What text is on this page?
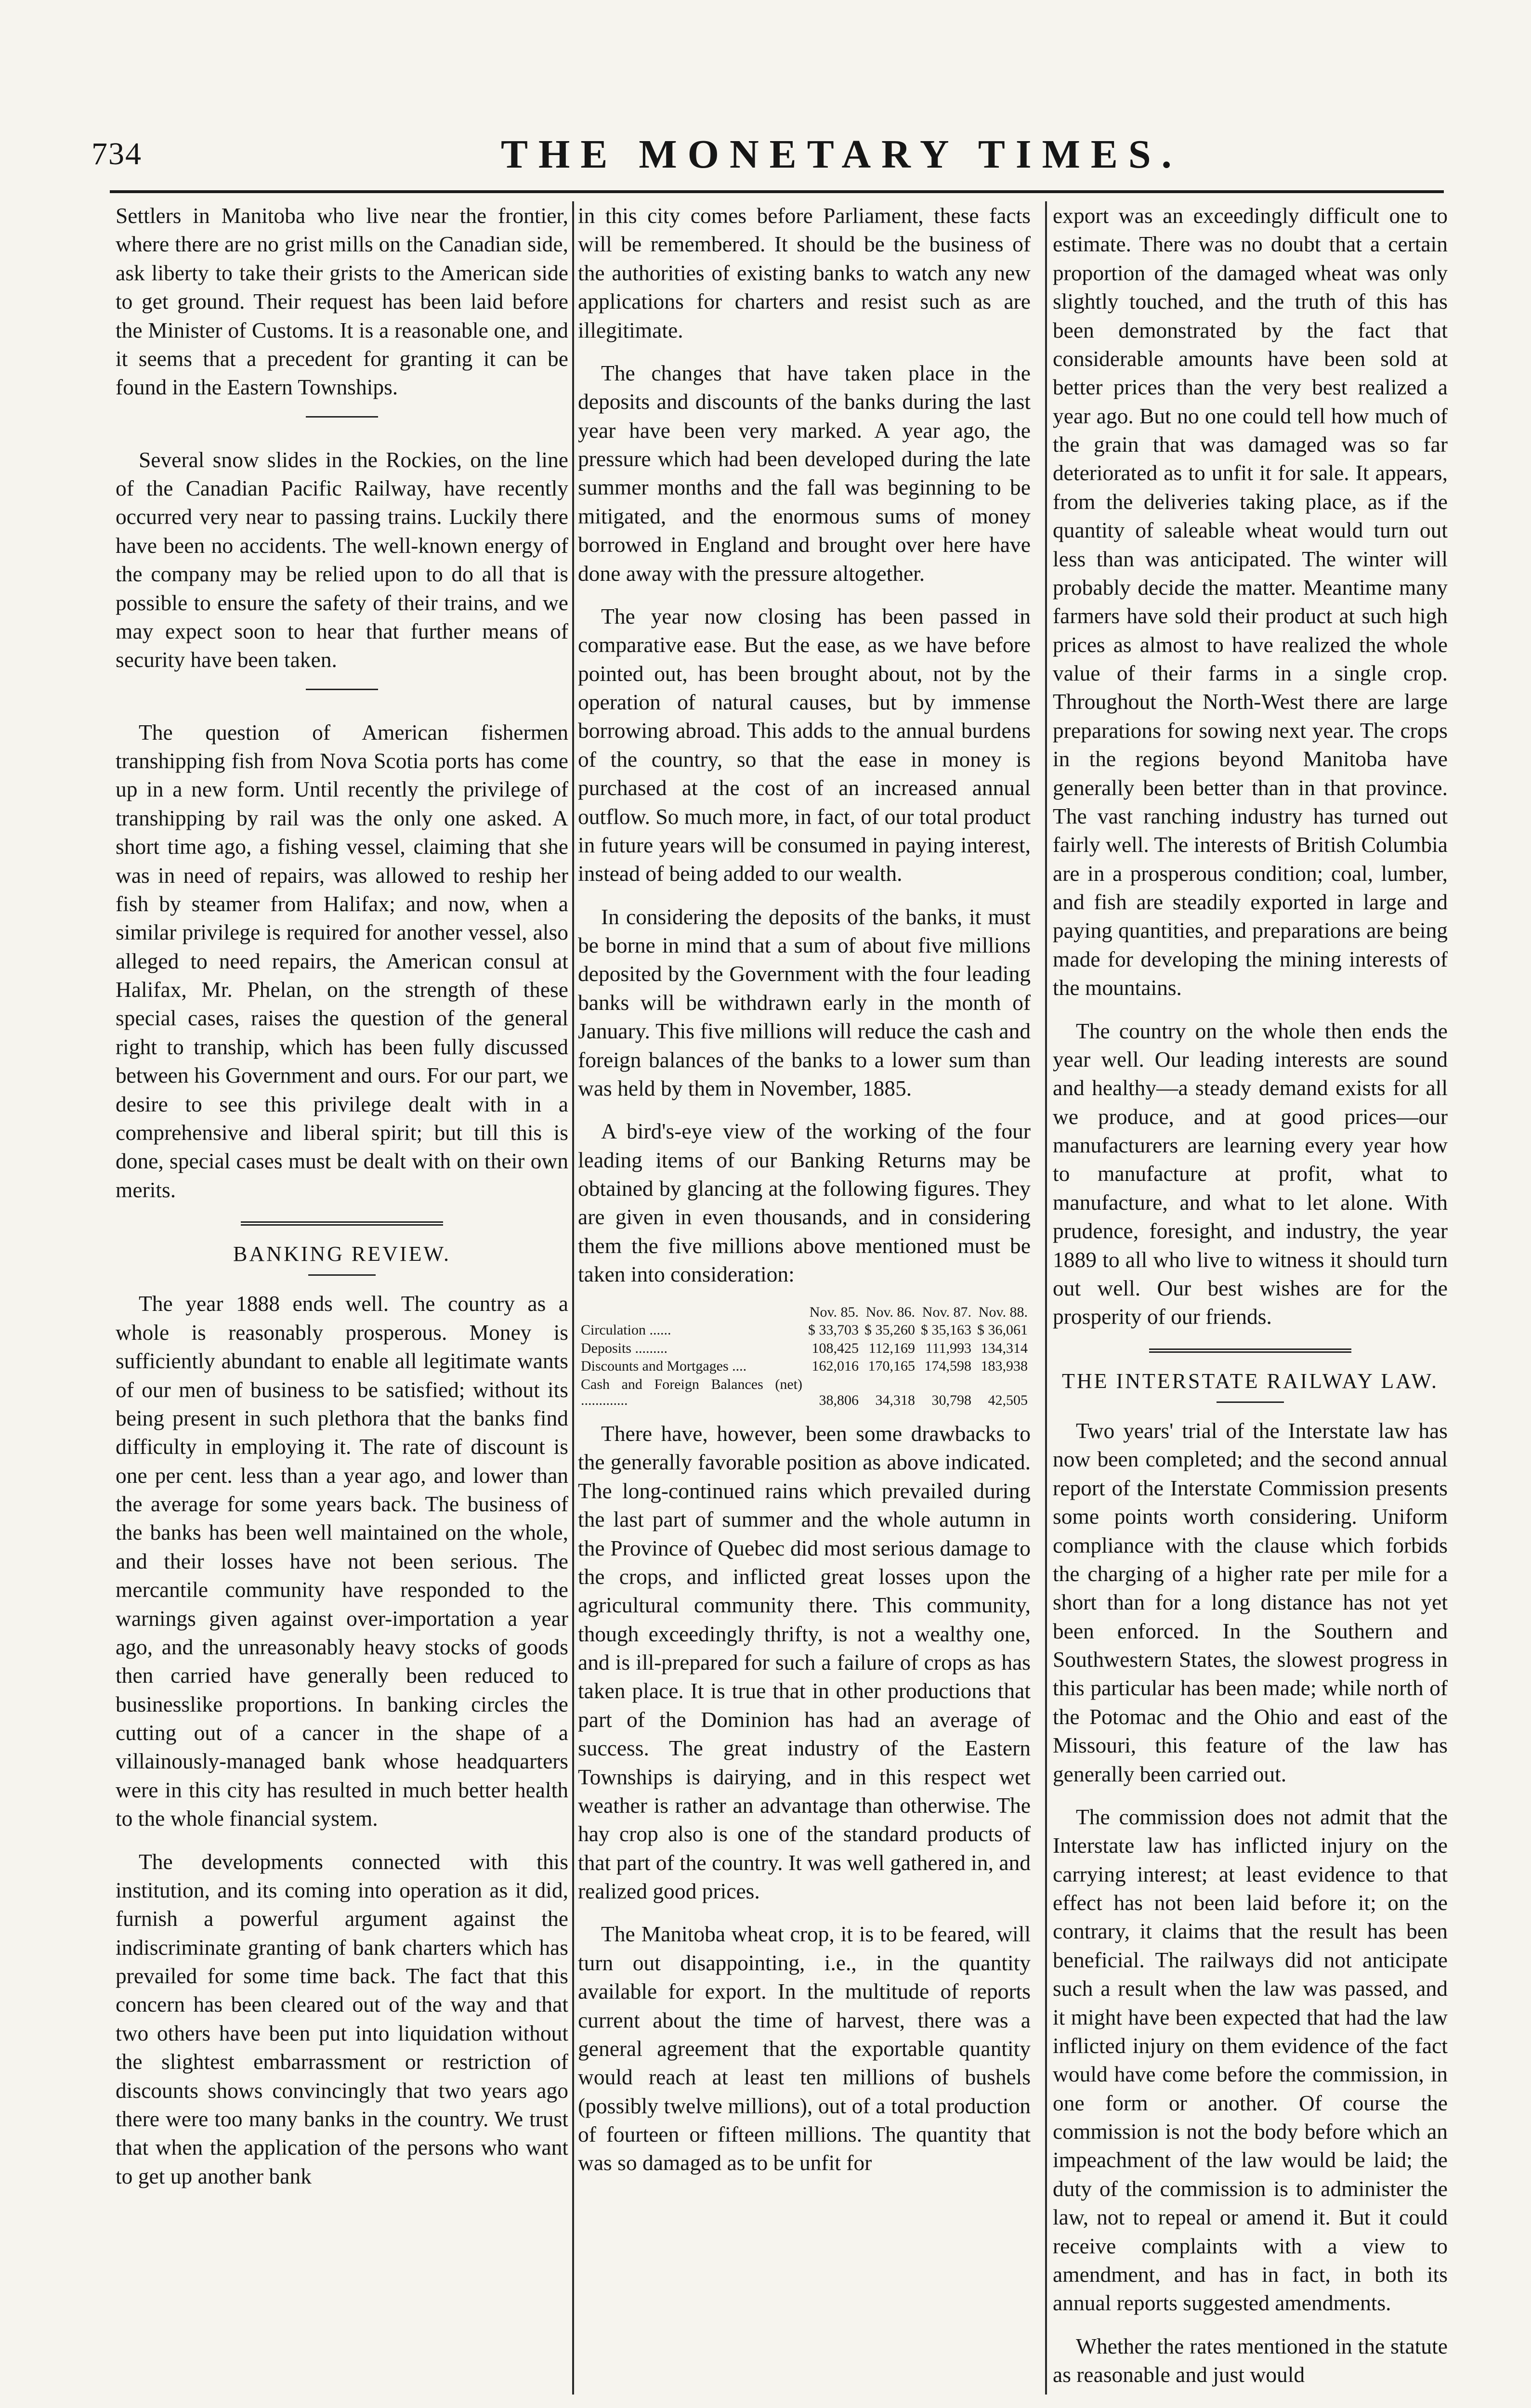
734	THE MONETARY TIMES.

Settlers in Manitoba who live near the frontier, where there are no grist mills on the Canadian side, ask liberty to take their grists to the American side to get ground. Their request has been laid before the Minister of Customs. It is a reasonable one, and it seems that a precedent for granting it can be found in the Eastern Townships.

Several snow slides in the Rockies, on the line of the Canadian Pacific Railway, have recently occurred very near to passing trains. Luckily there have been no accidents. The well-known energy of the company may be relied upon to do all that is possible to ensure the safety of their trains, and we may expect soon to hear that further means of security have been taken.

The question of American fishermen transhipping fish from Nova Scotia ports has come up in a new form. Until recently the privilege of transhipping by rail was the only one asked. A short time ago, a fishing vessel, claiming that she was in need of repairs, was allowed to reship her fish by steamer from Halifax; and now, when a similar privilege is required for another vessel, also alleged to need repairs, the American consul at Halifax, Mr. Phelan, on the strength of these special cases, raises the question of the general right to tranship, which has been fully discussed between his Government and ours. For our part, we desire to see this privilege dealt with in a comprehensive and liberal spirit; but till this is done, special cases must be dealt with on their own merits.

BANKING REVIEW.

The year 1888 ends well. The country as a whole is reasonably prosperous. Money is sufficiently abundant to enable all legitimate wants of our men of business to be satisfied; without its being present in such plethora that the banks find difficulty in employing it. The rate of discount is one per cent. less than a year ago, and lower than the average for some years back. The business of the banks has been well maintained on the whole, and their losses have not been serious. The mercantile community have responded to the warnings given against over-importation a year ago, and the unreasonably heavy stocks of goods then carried have generally been reduced to businesslike proportions. In banking circles the cutting out of a cancer in the shape of a villainously-managed bank whose headquarters were in this city has resulted in much better health to the whole financial system.

The developments connected with this institution, and its coming into operation as it did, furnish a powerful argument against the indiscriminate granting of bank charters which has prevailed for some time back. The fact that this concern has been cleared out of the way and that two others have been put into liquidation without the slightest embarrassment or restriction of discounts shows convincingly that two years ago there were too many banks in the country. We trust that when the application of the persons who want to get up another bank

in this city comes before Parliament, these facts will be remembered. It should be the business of the authorities of existing banks to watch any new applications for charters and resist such as are illegitimate.

The changes that have taken place in the deposits and discounts of the banks during the last year have been very marked. A year ago, the pressure which had been developed during the late summer months and the fall was beginning to be mitigated, and the enormous sums of money borrowed in England and brought over here have done away with the pressure altogether.

The year now closing has been passed in comparative ease. But the ease, as we have before pointed out, has been brought about, not by the operation of natural causes, but by immense borrowing abroad. This adds to the annual burdens of the country, so that the ease in money is purchased at the cost of an increased annual outflow. So much more, in fact, of our total product in future years will be consumed in paying interest, instead of being added to our wealth.

In considering the deposits of the banks, it must be borne in mind that a sum of about five millions deposited by the Government with the four leading banks will be withdrawn early in the month of January. This five millions will reduce the cash and foreign balances of the banks to a lower sum than was held by them in November, 1885.

A bird's-eye view of the working of the four leading items of our Banking Returns may be obtained by glancing at the following figures. They are given in even thousands, and in considering them the five millions above mentioned must be taken into consideration:

	Nov. 85.	Nov. 86.	Nov. 87.	Nov. 88.
Circulation ......	$ 33,703	$ 35,260	$ 35,163	$ 36,061
Deposits .........	108,425	112,169	111,993	134,314
Discounts and Mortgages ....	162,016	170,165	174,598	183,938
Cash and Foreign Balances (net) .............	38,806	34,318	30,798	42,505

There have, however, been some drawbacks to the generally favorable position as above indicated. The long-continued rains which prevailed during the last part of summer and the whole autumn in the Province of Quebec did most serious damage to the crops, and inflicted great losses upon the agricultural community there. This community, though exceedingly thrifty, is not a wealthy one, and is ill-prepared for such a failure of crops as has taken place. It is true that in other productions that part of the Dominion has had an average of success. The great industry of the Eastern Townships is dairying, and in this respect wet weather is rather an advantage than otherwise. The hay crop also is one of the standard products of that part of the country. It was well gathered in, and realized good prices.

The Manitoba wheat crop, it is to be feared, will turn out disappointing, i.e., in the quantity available for export. In the multitude of reports current about the time of harvest, there was a general agreement that the exportable quantity would reach at least ten millions of bushels (possibly twelve millions), out of a total production of fourteen or fifteen millions. The quantity that was so damaged as to be unfit for

export was an exceedingly difficult one to estimate. There was no doubt that a certain proportion of the damaged wheat was only slightly touched, and the truth of this has been demonstrated by the fact that considerable amounts have been sold at better prices than the very best realized a year ago. But no one could tell how much of the grain that was damaged was so far deteriorated as to unfit it for sale. It appears, from the deliveries taking place, as if the quantity of saleable wheat would turn out less than was anticipated. The winter will probably decide the matter. Meantime many farmers have sold their product at such high prices as almost to have realized the whole value of their farms in a single crop. Throughout the North-West there are large preparations for sowing next year. The crops in the regions beyond Manitoba have generally been better than in that province. The vast ranching industry has turned out fairly well. The interests of British Columbia are in a prosperous condition; coal, lumber, and fish are steadily exported in large and paying quantities, and preparations are being made for developing the mining interests of the mountains.

The country on the whole then ends the year well. Our leading interests are sound and healthy—a steady demand exists for all we produce, and at good prices—our manufacturers are learning every year how to manufacture at profit, what to manufacture, and what to let alone. With prudence, foresight, and industry, the year 1889 to all who live to witness it should turn out well. Our best wishes are for the prosperity of our friends.

THE INTERSTATE RAILWAY LAW.

Two years' trial of the Interstate law has now been completed; and the second annual report of the Interstate Commission presents some points worth considering. Uniform compliance with the clause which forbids the charging of a higher rate per mile for a short than for a long distance has not yet been enforced. In the Southern and Southwestern States, the slowest progress in this particular has been made; while north of the Potomac and the Ohio and east of the Missouri, this feature of the law has generally been carried out.

The commission does not admit that the Interstate law has inflicted injury on the carrying interest; at least evidence to that effect has not been laid before it; on the contrary, it claims that the result has been beneficial. The railways did not anticipate such a result when the law was passed, and it might have been expected that had the law inflicted injury on them evidence of the fact would have come before the commission, in one form or another. Of course the commission is not the body before which an impeachment of the law would be laid; the duty of the commission is to administer the law, not to repeal or amend it. But it could receive complaints with a view to amendment, and has in fact, in both its annual reports suggested amendments.

Whether the rates mentioned in the statute as reasonable and just would
